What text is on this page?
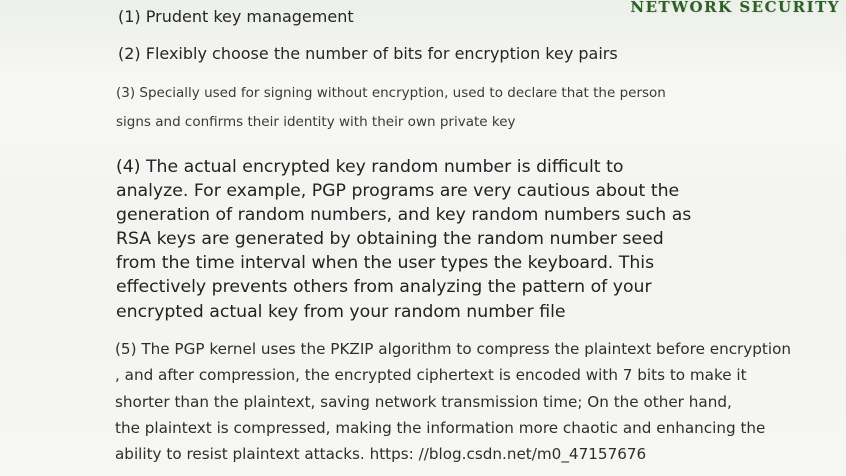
NETWORK SECURITY
(1) Prudent key management
(2) Flexibly choose the number of bits for encryption key pairs
(3) Specially used for signing without encryption, used to declare that the person
signs and confirms their identity with their own private key
(4) The actual encrypted key random number is difficult to
analyze. For example, PGP programs are very cautious about the
generation of random numbers, and key random numbers such as
RSA keys are generated by obtaining the random number seed
from the time interval when the user types the keyboard. This
effectively prevents others from analyzing the pattern of your
encrypted actual key from your random number file
(5) The PGP kernel uses the PKZIP algorithm to compress the plaintext before encryption
, and after compression, the encrypted ciphertext is encoded with 7 bits to make it
shorter than the plaintext, saving network transmission time; On the other hand,
the plaintext is compressed, making the information more chaotic and enhancing the
ability to resist plaintext attacks. https: //blog.csdn.net/m0_47157676
